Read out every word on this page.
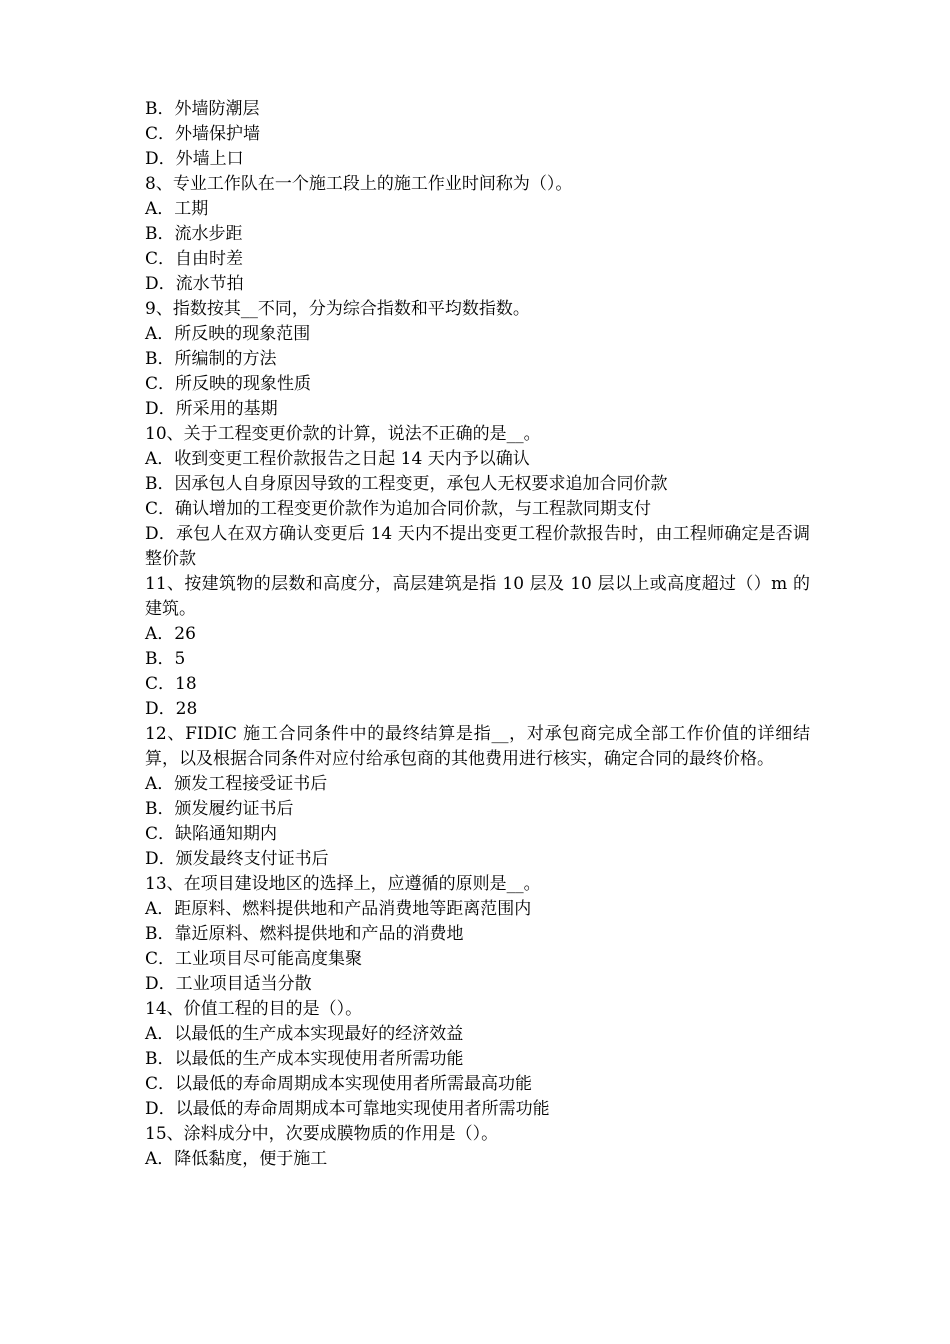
B．外墙防潮层
C．外墙保护墙
D．外墙上口
8、专业工作队在一个施工段上的施工作业时间称为（）。
A．工期
B．流水步距
C．自由时差
D．流水节拍
9、指数按其__不同，分为综合指数和平均数指数。
A．所反映的现象范围
B．所编制的方法
C．所反映的现象性质
D．所采用的基期
10、关于工程变更价款的计算，说法不正确的是__。
A．收到变更工程价款报告之日起 14 天内予以确认
B．因承包人自身原因导致的工程变更，承包人无权要求追加合同价款
C．确认增加的工程变更价款作为追加合同价款，与工程款同期支付
D．承包人在双方确认变更后 14 天内不提出变更工程价款报告时，由工程师确定是否调整价款
11、按建筑物的层数和高度分，高层建筑是指 10 层及 10 层以上或高度超过（）m 的建筑。
A．26
B．5
C．18
D．28
12、FIDIC 施工合同条件中的最终结算是指__，对承包商完成全部工作价值的详细结算，以及根据合同条件对应付给承包商的其他费用进行核实，确定合同的最终价格。
A．颁发工程接受证书后
B．颁发履约证书后
C．缺陷通知期内
D．颁发最终支付证书后
13、在项目建设地区的选择上，应遵循的原则是__。
A．距原料、燃料提供地和产品消费地等距离范围内
B．靠近原料、燃料提供地和产品的消费地
C．工业项目尽可能高度集聚
D．工业项目适当分散
14、价值工程的目的是（）。
A．以最低的生产成本实现最好的经济效益
B．以最低的生产成本实现使用者所需功能
C．以最低的寿命周期成本实现使用者所需最高功能
D．以最低的寿命周期成本可靠地实现使用者所需功能
15、涂料成分中，次要成膜物质的作用是（）。
A．降低黏度，便于施工
